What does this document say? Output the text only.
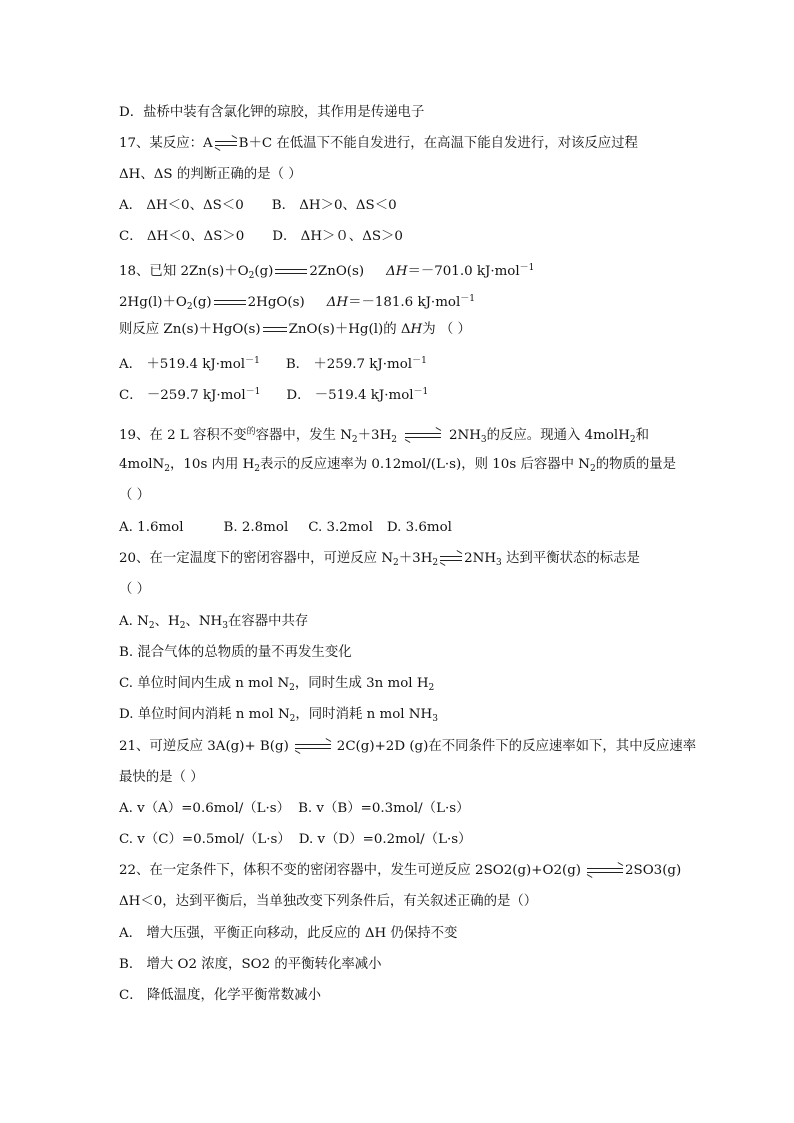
D．盐桥中装有含氯化钾的琼胶，其作用是传递电子
17、某反应：A B＋C 在低温下不能自发进行，在高温下能自发进行，对该反应过程
ΔH、ΔS 的判断正确的是（ ）
A． ΔH＜0、ΔS＜0 B． ΔH＞0、ΔS＜0
C． ΔH＜0、ΔS＞0 D． ΔH＞０、ΔS＞0
18、已知 $2Zn(s)+O_2(g)$	2ZnO(s) ΔH＝－701.0 kJ·mol$^{-1}$
$2Hg(l)+O_2(g)$	2HgO(s) ΔH＝－181.6 kJ·mol$^{-1}$
则反应 Zn(s)＋HgO(s) ZnO(s)＋Hg(l)的 ΔH为 （ ）
A． ＋519.4 kJ·mol$^{-1}$ B． ＋259.7 kJ·mol$^{-1}$
C． －259.7 kJ·mol$^{-1}$ D． －519.4 kJ·mol$^{-1}$
19、在 2 L 容积不变$^的$容器中，发生 $N_2+3H_2$	$2NH_3$的反应。现通入 4molH$_2$和
4molN$_2$，10s 内用 $H_2$表示的反应速率为 0.12mol/(L·s)，则 10s 后容器中 $N_2$的物质的量是
（ ）
A. 1.6mol	B. 2.8mol C. 3.2mol D. 3.6mol
20、在一定温度下的密闭容器中，可逆反应 $N_2+3H_2$ $2NH_3$ 达到平衡状态的标志是
（ ）
A. $N_2$、$H_2$、$NH_3$在容器中共存
B. 混合气体的总物质的量不再发生变化
C. 单位时间内生成 n mol $N_2$，同时生成 3n mol $H_2$
D. 单位时间内消耗 n mol $N_2$，同时消耗 n mol $NH_3$
21、可逆反应 3A(g)+ B(g)	2C(g)+2D (g)在不同条件下的反应速率如下，其中反应速率
最快的是（ ）
A. v（A）=0.6mol/（L·s） B. v（B）=0.3mol/（L·s）
C. v（C）=0.5mol/（L·s） D. v（D）=0.2mol/（L·s）
22、在一定条件下，体积不变的密闭容器中，发生可逆反应 2SO2(g)+O2(g)	2SO3(g)
ΔH＜0，达到平衡后，当单独改变下列条件后，有关叙述正确的是（）
A． 增大压强，平衡正向移动，此反应的 ΔH 仍保持不变
B． 增大 O2 浓度，SO2 的平衡转化率减小
C． 降低温度，化学平衡常数减小
